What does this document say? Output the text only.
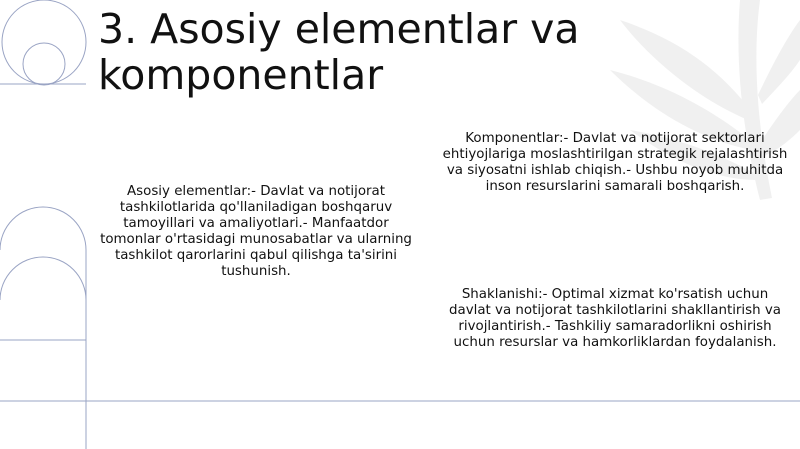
3. Asosiy elementlar va komponentlar
Asosiy elementlar:- Davlat va notijorat tashkilotlarida qo'llaniladigan boshqaruv tamoyillari va amaliyotlari.- Manfaatdor tomonlar o'rtasidagi munosabatlar va ularning tashkilot qarorlarini qabul qilishga ta'sirini tushunish.
Komponentlar:- Davlat va notijorat sektorlari ehtiyojlariga moslashtirilgan strategik rejalashtirish va siyosatni ishlab chiqish.- Ushbu noyob muhitda inson resurslarini samarali boshqarish.
Shaklanishi:- Optimal xizmat ko'rsatish uchun davlat va notijorat tashkilotlarini shakllantirish va rivojlantirish.- Tashkiliy samaradorlikni oshirish uchun resurslar va hamkorliklardan foydalanish.
